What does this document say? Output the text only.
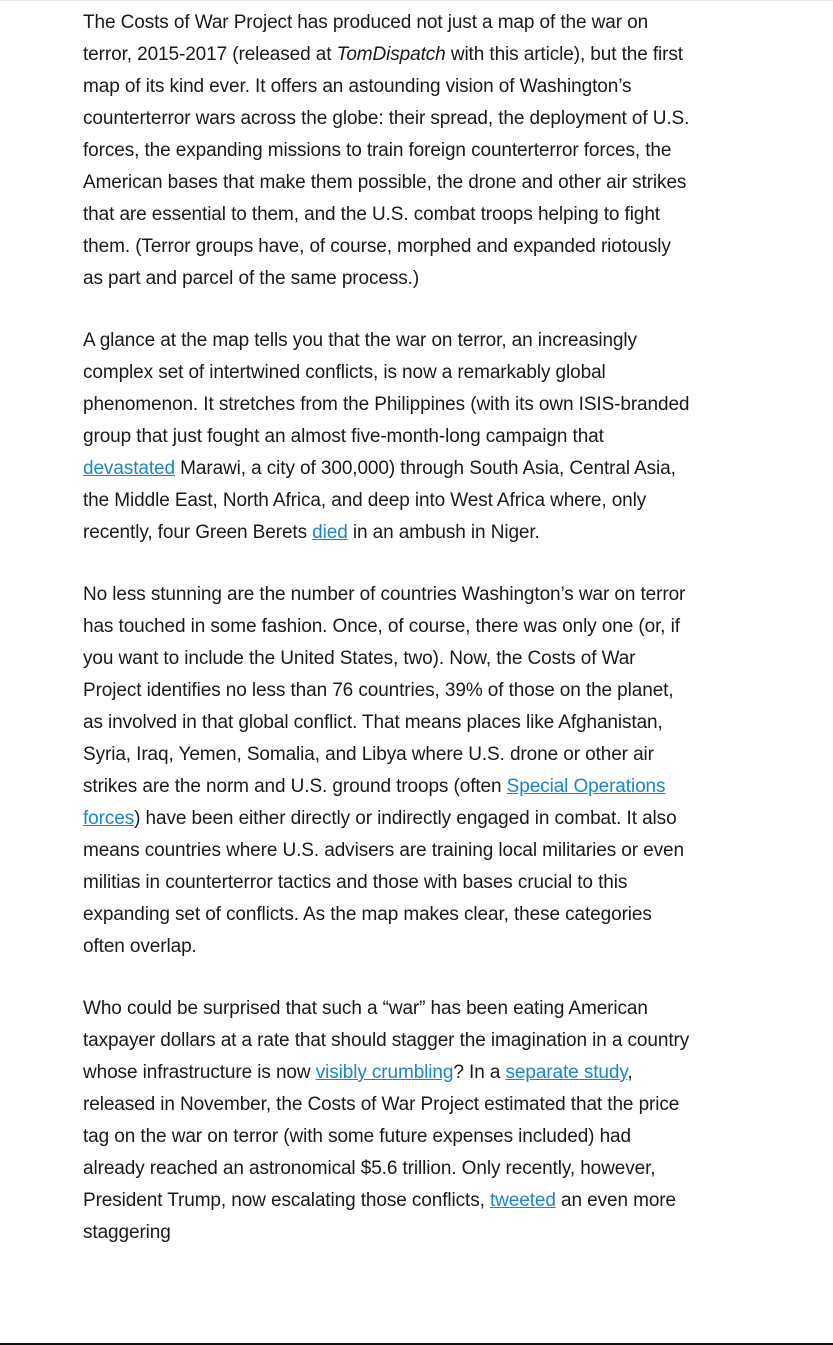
The Costs of War Project has produced not just a map of the war on terror, 2015-2017 (released at TomDispatch with this article), but the first map of its kind ever. It offers an astounding vision of Washington’s counterterror wars across the globe: their spread, the deployment of U.S. forces, the expanding missions to train foreign counterterror forces, the American bases that make them possible, the drone and other air strikes that are essential to them, and the U.S. combat troops helping to fight them. (Terror groups have, of course, morphed and expanded riotously as part and parcel of the same process.)

A glance at the map tells you that the war on terror, an increasingly complex set of intertwined conflicts, is now a remarkably global phenomenon. It stretches from the Philippines (with its own ISIS-branded group that just fought an almost five-month-long campaign that devastated Marawi, a city of 300,000) through South Asia, Central Asia, the Middle East, North Africa, and deep into West Africa where, only recently, four Green Berets died in an ambush in Niger.

No less stunning are the number of countries Washington’s war on terror has touched in some fashion. Once, of course, there was only one (or, if you want to include the United States, two). Now, the Costs of War Project identifies no less than 76 countries, 39% of those on the planet, as involved in that global conflict. That means places like Afghanistan, Syria, Iraq, Yemen, Somalia, and Libya where U.S. drone or other air strikes are the norm and U.S. ground troops (often Special Operations forces) have been either directly or indirectly engaged in combat. It also means countries where U.S. advisers are training local militaries or even militias in counterterror tactics and those with bases crucial to this expanding set of conflicts. As the map makes clear, these categories often overlap.

Who could be surprised that such a “war” has been eating American taxpayer dollars at a rate that should stagger the imagination in a country whose infrastructure is now visibly crumbling? In a separate study, released in November, the Costs of War Project estimated that the price tag on the war on terror (with some future expenses included) had already reached an astronomical $5.6 trillion. Only recently, however, President Trump, now escalating those conflicts, tweeted an even more staggering
